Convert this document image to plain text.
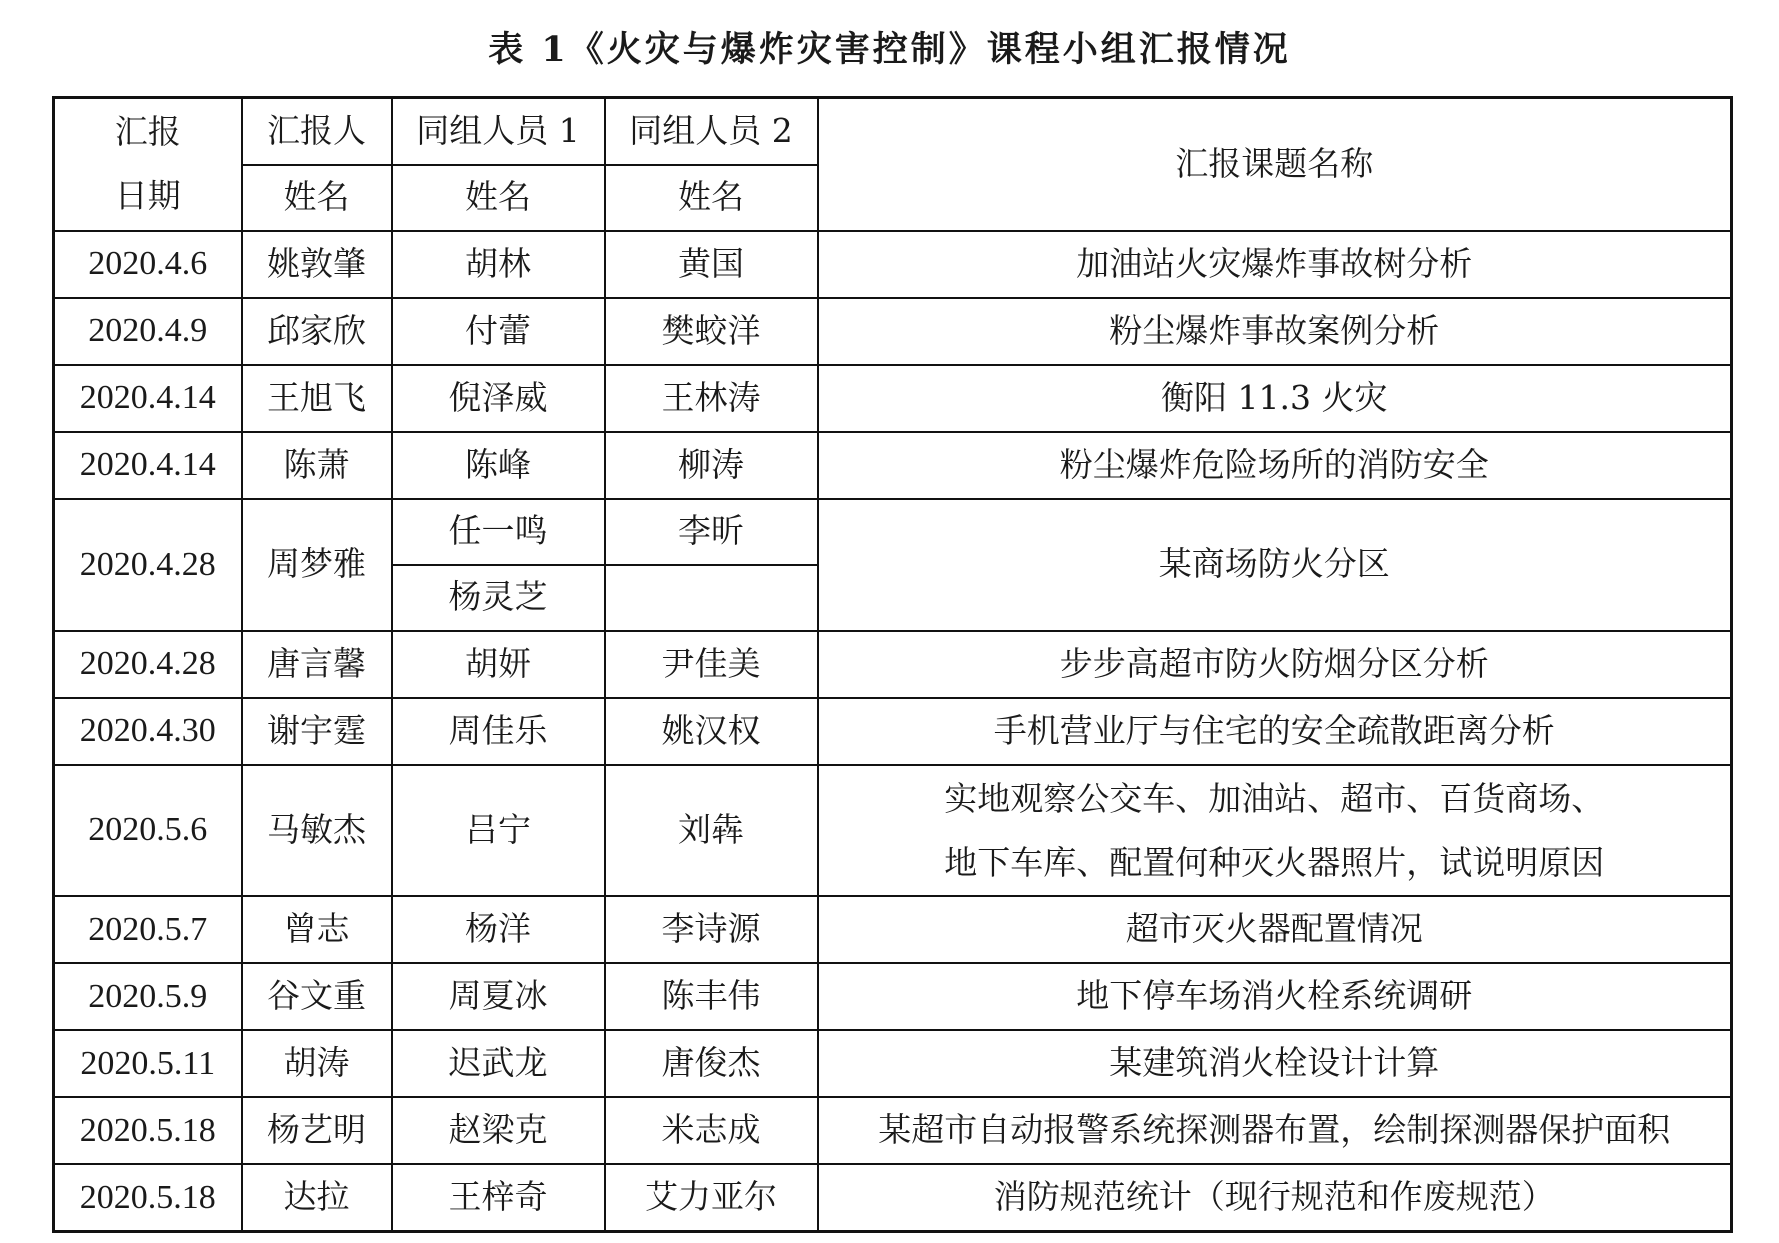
表 1《火灾与爆炸灾害控制》课程小组汇报情况
汇报
日期	汇报人	同组人员 1	同组人员 2	汇报课题名称
	姓名	姓名	姓名	
2020.4.6	姚敦肇	胡林	黄国	加油站火灾爆炸事故树分析
2020.4.9	邱家欣	付蕾	樊蛟洋	粉尘爆炸事故案例分析
2020.4.14	王旭飞	倪泽威	王林涛	衡阳 11.3 火灾
2020.4.14	陈萧	陈峰	柳涛	粉尘爆炸危险场所的消防安全
2020.4.28	周梦雅	任一鸣	李昕	某商场防火分区
		杨灵芝		
2020.4.28	唐言馨	胡妍	尹佳美	步步高超市防火防烟分区分析
2020.4.30	谢宇霆	周佳乐	姚汉权	手机营业厅与住宅的安全疏散距离分析
2020.5.6	马敏杰	吕宁	刘犇	实地观察公交车、加油站、超市、百货商场、
地下车库、配置何种灭火器照片，试说明原因
2020.5.7	曾志	杨洋	李诗源	超市灭火器配置情况
2020.5.9	谷文重	周夏冰	陈丰伟	地下停车场消火栓系统调研
2020.5.11	胡涛	迟武龙	唐俊杰	某建筑消火栓设计计算
2020.5.18	杨艺明	赵梁克	米志成	某超市自动报警系统探测器布置，绘制探测器保护面积
2020.5.18	达拉	王梓奇	艾力亚尔	消防规范统计（现行规范和作废规范）
